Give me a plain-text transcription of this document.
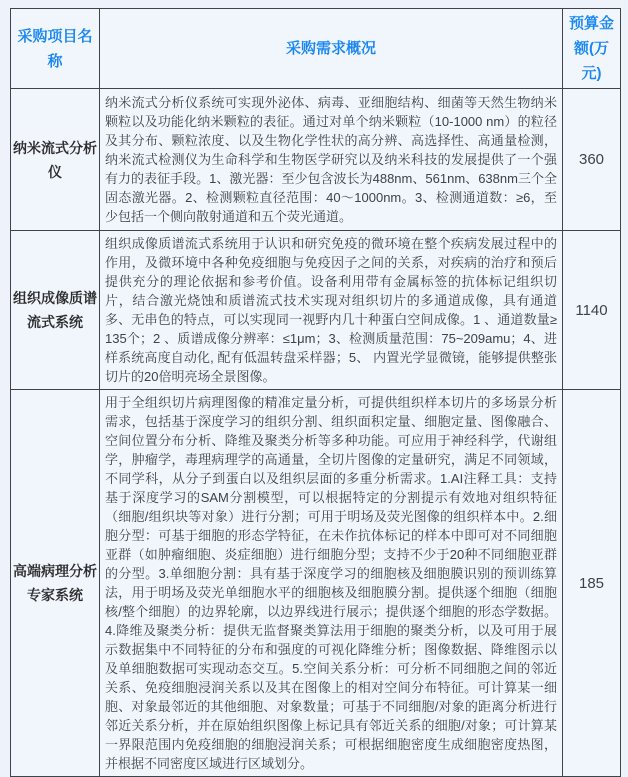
采购项目名称	采购需求概况	预算金额(万元)
纳米流式分析仪	纳米流式分析仪系统可实现外泌体、病毒、亚细胞结构、细菌等天然生物纳米颗粒以及功能化纳米颗粒的表征。通过对单个纳米颗粒（10-1000 nm）的粒径及其分布、颗粒浓度、以及生物化学性状的高分辨、高选择性、高通量检测，纳米流式检测仪为生命科学和生物医学研究以及纳米科技的发展提供了一个强有力的表征手段。1、激光器：至少包含波长为488nm、561nm、638nm三个全固态激光器。2、检测颗粒直径范围：40～1000nm。3、检测通道数：≥6，至少包括一个侧向散射通道和五个荧光通道。	360
组织成像质谱流式系统	组织成像质谱流式系统用于认识和研究免疫的微环境在整个疾病发展过程中的作用，及微环境中各种免疫细胞与免疫因子之间的关系，对疾病的治疗和预后提供充分的理论依据和参考价值。设备利用带有金属标签的抗体标记组织切片，结合激光烧蚀和质谱流式技术实现对组织切片的多通道成像，具有通道多、无串色的特点，可以实现同一视野内几十种蛋白空间成像。1 、通道数量≥135个；2 、质谱成像分辨率：≤1μm；3、检测质量范围：75~209amu；4、进样系统高度自动化, 配有低温转盘采样器；5、 内置光学显微镜，能够提供整张切片的20倍明亮场全景图像。	1140
高端病理分析专家系统	用于全组织切片病理图像的精准定量分析，可提供组织样本切片的多场景分析需求，包括基于深度学习的组织分割、组织面积定量、细胞定量、图像融合、空间位置分布分析、降维及聚类分析等多种功能。可应用于神经科学，代谢组学，肿瘤学，毒理病理学的高通量，全切片图像的定量研究，满足不同领域，不同学科，从分子到蛋白以及组织层面的多重分析需求。1.AI注释工具：支持基于深度学习的SAM分割模型，可以根据特定的分割提示有效地对组织特征（细胞/组织块等对象）进行分割；可用于明场及荧光图像的组织样本中。2.细胞分型：可基于细胞的形态学特征，在未作抗体标记的样本中即可对不同细胞亚群（如肿瘤细胞、炎症细胞）进行细胞分型；支持不少于20种不同细胞亚群的分型。3.单细胞分割：具有基于深度学习的细胞核及细胞膜识别的预训练算法，用于明场及荧光单细胞水平的细胞核及细胞膜分割。提供逐个细胞（细胞核/整个细胞）的边界轮廓，以边界线进行展示；提供逐个细胞的形态学数据。4.降维及聚类分析：提供无监督聚类算法用于细胞的聚类分析，以及可用于展示数据集中不同特征的分布和强度的可视化降维分析；图像数据、降维图示以及单细胞数据可实现动态交互。5.空间关系分析：可分析不同细胞之间的邻近关系、免疫细胞浸润关系以及其在图像上的相对空间分布特征。可计算某一细胞、对象最邻近的其他细胞、对象数量；可基于不同细胞/对象的距离分析进行邻近关系分析，并在原始组织图像上标记具有邻近关系的细胞/对象；可计算某一界限范围内免疫细胞的细胞浸润关系；可根据细胞密度生成细胞密度热图，并根据不同密度区域进行区域划分。	185
